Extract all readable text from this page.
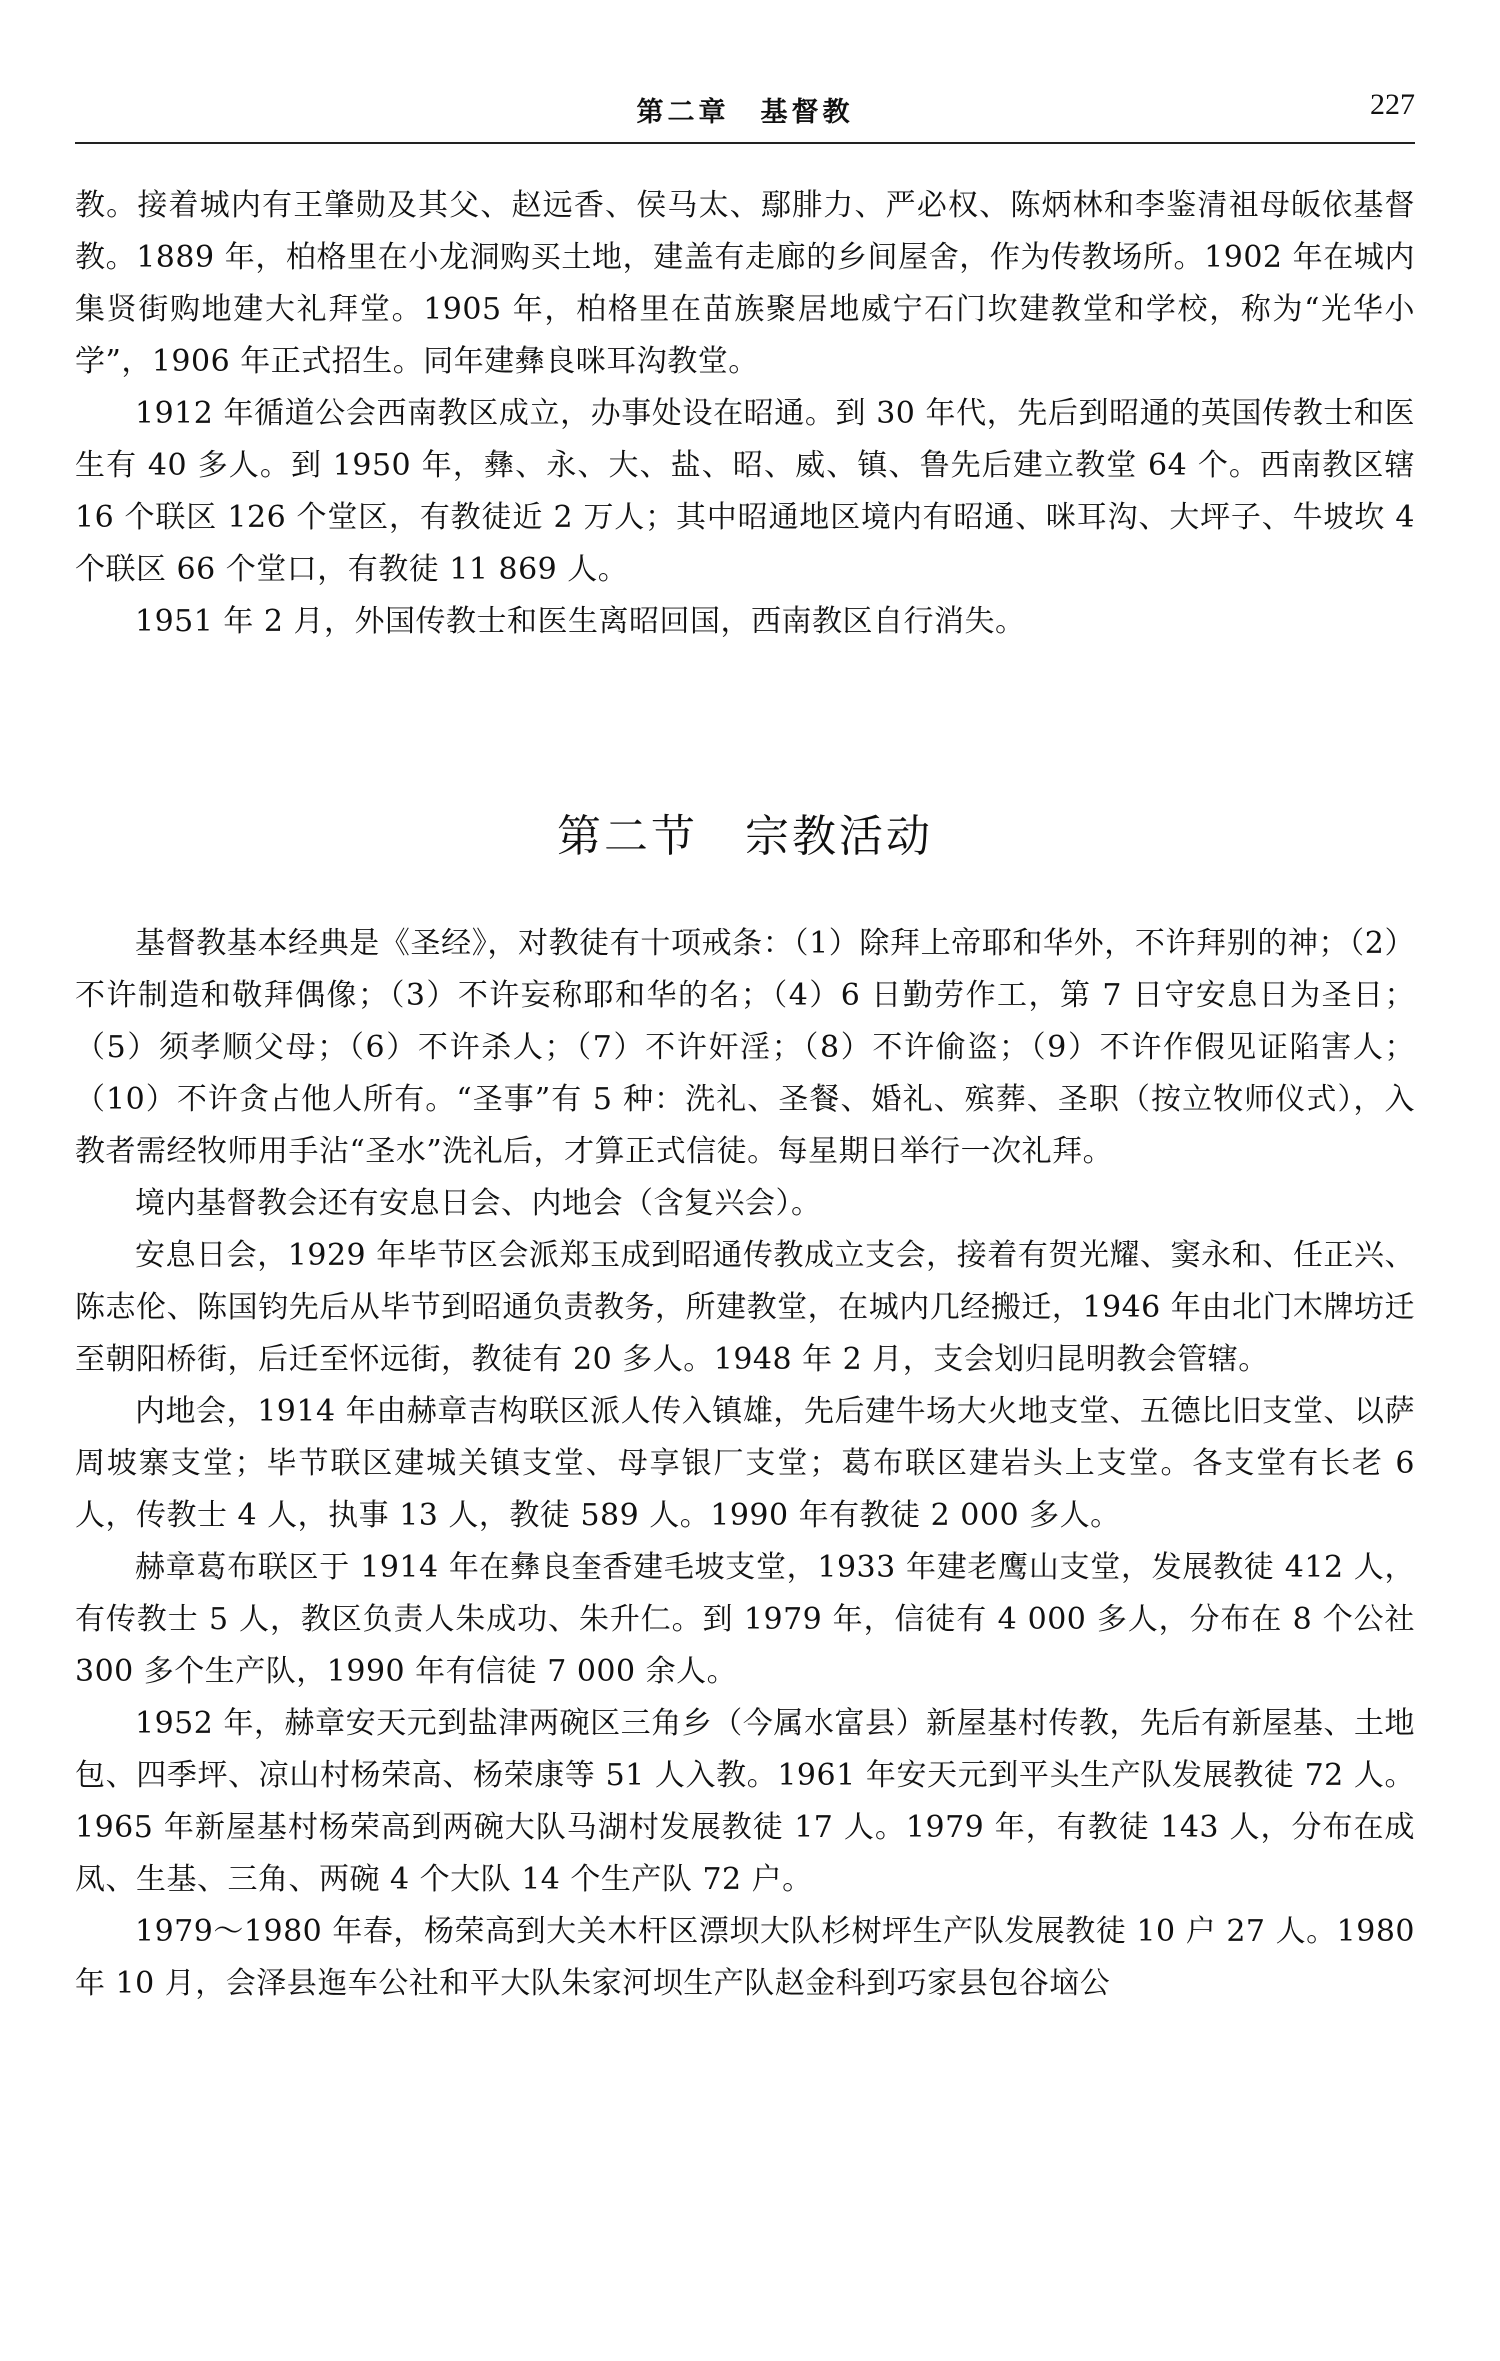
第二章　基督教	227

教。接着城内有王肇勋及其父、赵远香、侯马太、鄢腓力、严必权、陈炳林和李鉴清祖母皈依基督教。1889 年，柏格里在小龙洞购买土地，建盖有走廊的乡间屋舍，作为传教场所。1902 年在城内集贤街购地建大礼拜堂。1905 年，柏格里在苗族聚居地威宁石门坎建教堂和学校，称为“光华小学”，1906 年正式招生。同年建彝良咪耳沟教堂。

1912 年循道公会西南教区成立，办事处设在昭通。到 30 年代，先后到昭通的英国传教士和医生有 40 多人。到 1950 年，彝、永、大、盐、昭、威、镇、鲁先后建立教堂 64 个。西南教区辖 16 个联区 126 个堂区，有教徒近 2 万人；其中昭通地区境内有昭通、咪耳沟、大坪子、牛坡坎 4 个联区 66 个堂口，有教徒 11 869 人。

1951 年 2 月，外国传教士和医生离昭回国，西南教区自行消失。

第二节　宗教活动

基督教基本经典是《圣经》，对教徒有十项戒条：（1）除拜上帝耶和华外，不许拜别的神；（2）不许制造和敬拜偶像；（3）不许妄称耶和华的名；（4）6 日勤劳作工，第 7 日守安息日为圣日；（5）须孝顺父母；（6）不许杀人；（7）不许奸淫；（8）不许偷盗；（9）不许作假见证陷害人；（10）不许贪占他人所有。“圣事”有 5 种：洗礼、圣餐、婚礼、殡葬、圣职（按立牧师仪式），入教者需经牧师用手沾“圣水”洗礼后，才算正式信徒。每星期日举行一次礼拜。

境内基督教会还有安息日会、内地会（含复兴会）。

安息日会，1929 年毕节区会派郑玉成到昭通传教成立支会，接着有贺光耀、窦永和、任正兴、陈志伦、陈国钧先后从毕节到昭通负责教务，所建教堂，在城内几经搬迁，1946 年由北门木牌坊迁至朝阳桥街，后迁至怀远街，教徒有 20 多人。1948 年 2 月，支会划归昆明教会管辖。

内地会，1914 年由赫章吉构联区派人传入镇雄，先后建牛场大火地支堂、五德比旧支堂、以萨周坡寨支堂；毕节联区建城关镇支堂、母享银厂支堂；葛布联区建岩头上支堂。各支堂有长老 6 人，传教士 4 人，执事 13 人，教徒 589 人。1990 年有教徒 2 000 多人。

赫章葛布联区于 1914 年在彝良奎香建毛坡支堂，1933 年建老鹰山支堂，发展教徒 412 人，有传教士 5 人，教区负责人朱成功、朱升仁。到 1979 年，信徒有 4 000 多人，分布在 8 个公社 300 多个生产队，1990 年有信徒 7 000 余人。

1952 年，赫章安天元到盐津两碗区三角乡（今属水富县）新屋基村传教，先后有新屋基、土地包、四季坪、凉山村杨荣高、杨荣康等 51 人入教。1961 年安天元到平头生产队发展教徒 72 人。1965 年新屋基村杨荣高到两碗大队马湖村发展教徒 17 人。1979 年，有教徒 143 人，分布在成凤、生基、三角、两碗 4 个大队 14 个生产队 72 户。

1979～1980 年春，杨荣高到大关木杆区漂坝大队杉树坪生产队发展教徒 10 户 27 人。1980 年 10 月，会泽县迤车公社和平大队朱家河坝生产队赵金科到巧家县包谷垴公
